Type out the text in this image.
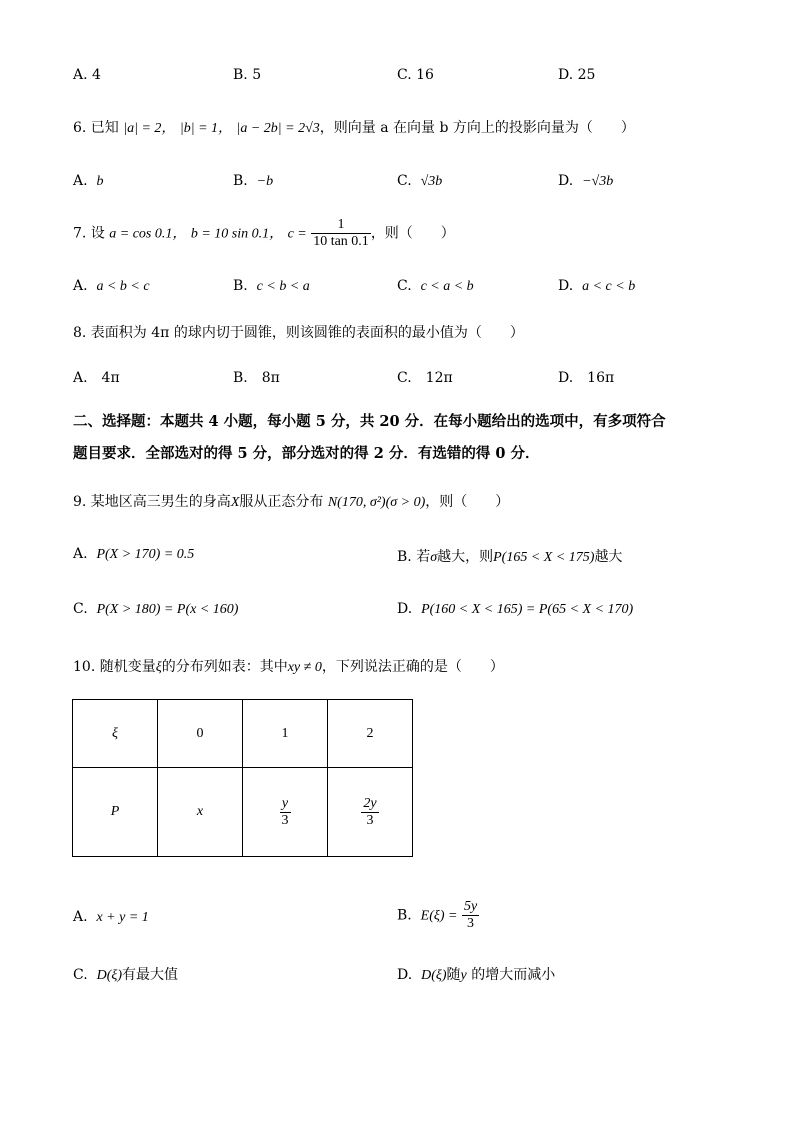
A. 4	B. 5	C. 16	D. 25
6. 已知 |a| = 2， |b| = 1， |a − 2b| = 2√3，则向量 a 在向量 b 方向上的投影向量为（　　）
A. b	B. −b	C. √3b	D. −√3b
7. 设 a = cos 0.1， b = 10 sin 0.1， $c = \frac{1}{10 \tan 0.1}$ ，则（　　）
A. a < b < c	B. c < b < a	C. c < a < b	D. a < c < b
8. 表面积为 4π 的球内切于圆锥，则该圆锥的表面积的最小值为（　　）
A.　4π	B.　8π	C.　12π	D.　16π
二、选择题：本题共 4 小题，每小题 5 分，共 20 分．在每小题给出的选项中，有多项符合
题目要求．全部选对的得 5 分，部分选对的得 2 分．有选错的得 0 分．
9. 某地区高三男生的身高X服从正态分布 N(170, σ²)(σ > 0)，则（　　）
A. P(X > 170) = 0.5	B. 若σ越大，则P(165 < X < 175)越大
C. P(X > 180) = P(x < 160)	D. P(160 < X < 165) = P(65 < X < 170)
10. 随机变量ξ的分布列如表：其中xy ≠ 0，下列说法正确的是（　　）
ξ	0	1	2
P	x	$\frac{y}{3}$	$\frac{2y}{3}$
A. x + y = 1	B. $E(\xi) = \frac{5y}{3}$
C. D(ξ)有最大值	D. D(ξ)随y 的增大而减小
